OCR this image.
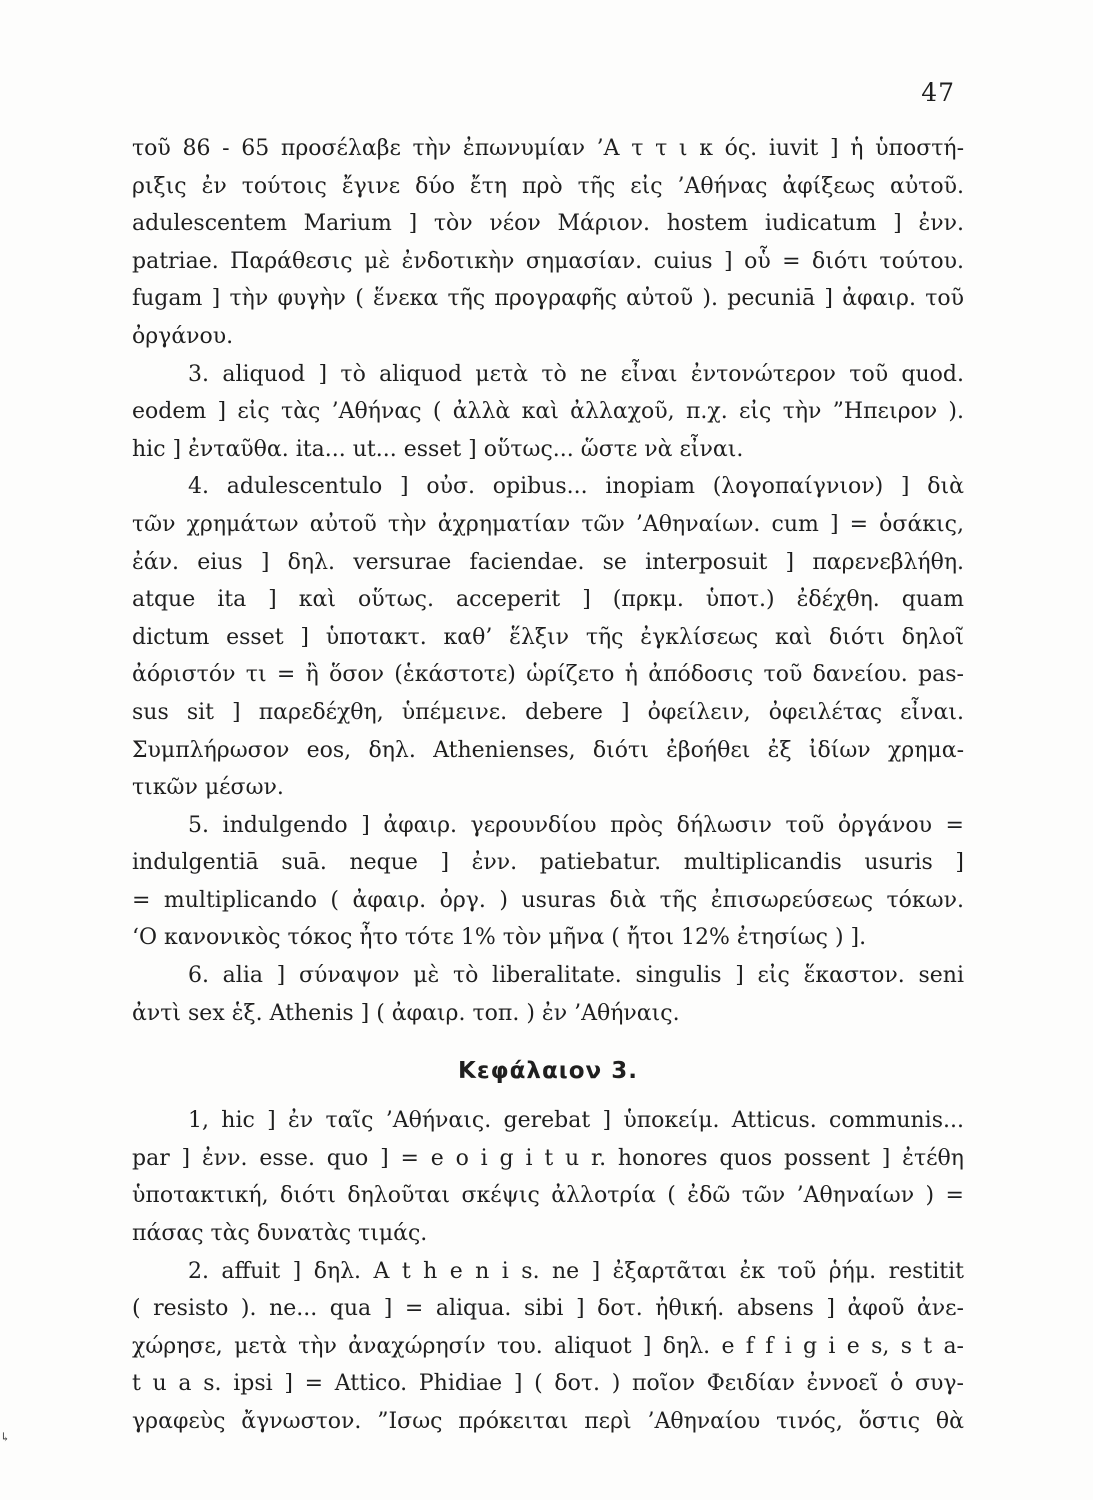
47
τοῦ 86 - 65 προσέλαβε τὴν ἐπωνυμίαν ’Α τ τ ι κ ός. iuvit ] ἡ ὑποστή-
ριξις ἐν τούτοις ἔγινε δύο ἔτη πρὸ τῆς εἰς ’Αθήνας ἀφίξεως αὐτοῦ.
adulescentem Marium ] τὸν νέον Μάριον. hostem iudicatum ] ἐνν.
patriae. Παράθεσις μὲ ἐνδοτικὴν σημασίαν. cuius ] οὗ = διότι τούτου.
fugam ] τὴν φυγὴν ( ἕνεκα τῆς προγραφῆς αὐτοῦ ). pecuniā ] ἀφαιρ. τοῦ
ὀργάνου.
3. aliquod ] τὸ aliquod μετὰ τὸ ne εἶναι ἐντονώτερον τοῦ quod.
eodem ] εἰς τὰς ’Αθήνας ( ἀλλὰ καὶ ἀλλαχοῦ, π.χ. εἰς τὴν ”Ηπειρον ).
hic ] ἐνταῦθα. ita... ut... esset ] οὕτως... ὥστε νὰ εἶναι.
4. adulescentulo ] οὐσ. opibus... inopiam (λογοπαίγνιον) ] διὰ
τῶν χρημάτων αὐτοῦ τὴν ἀχρηματίαν τῶν ’Αθηναίων. cum ] = ὁσάκις,
ἐάν. eius ] δηλ. versurae faciendae. se interposuit ] παρενεβλήθη.
atque ita ] καὶ οὕτως. acceperit ] (πρκμ. ὑποτ.) ἐδέχθη. quam
dictum esset ] ὑποτακτ. καθ’ ἕλξιν τῆς ἐγκλίσεως καὶ διότι δηλοῖ
ἀόριστόν τι = ἢ ὅσον (ἑκάστοτε) ὡρίζετο ἡ ἀπόδοσις τοῦ δανείου. pas-
sus sit ] παρεδέχθη, ὑπέμεινε. debere ] ὀφείλειν, ὀφειλέτας εἶναι.
Συμπλήρωσον eos, δηλ. Athenienses, διότι ἐβοήθει ἐξ ἰδίων χρημα-
τικῶν μέσων.
5. indulgendo ] ἀφαιρ. γερουνδίου πρὸς δήλωσιν τοῦ ὀργάνου =
indulgentiā suā. neque ] ἐνν. patiebatur. multiplicandis usuris ]
= multiplicando ( ἀφαιρ. ὀργ. ) usuras διὰ τῆς ἐπισωρεύσεως τόκων.
‘Ο κανονικὸς τόκος ἦτο τότε 1% τὸν μῆνα ( ἤτοι 12% ἐτησίως ) ].
6. alia ] σύναψον μὲ τὸ liberalitate. singulis ] εἰς ἕκαστον. seni
ἀντὶ sex ἑξ. Athenis ] ( ἀφαιρ. τοπ. ) ἐν ’Αθήναις.
Κεφάλαιον 3.
1, hic ] ἐν ταῖς ’Αθήναις. gerebat ] ὑποκείμ. Atticus. communis...
par ] ἐνν. esse. quo ] = e o i g i t u r. honores quos possent ] ἐτέθη
ὑποτακτική, διότι δηλοῦται σκέψις ἀλλοτρία ( ἐδῶ τῶν ’Αθηναίων ) =
πάσας τὰς δυνατὰς τιμάς.
2. affuit ] δηλ. A t h e n i s. ne ] ἐξαρτᾶται ἐκ τοῦ ῥήμ. restitit
( resisto ). ne... qua ] = aliqua. sibi ] δοτ. ἠθική. absens ] ἀφοῦ ἀνε-
χώρησε, μετὰ τὴν ἀναχώρησίν του. aliquot ] δηλ. e f f i g i e s, s t a-
t u a s. ipsi ] = Attico. Phidiae ] ( δοτ. ) ποῖον Φειδίαν ἐννοεῖ ὁ συγ-
γραφεὺς ἄγνωστον. ”Ισως πρόκειται περὶ ’Αθηναίου τινός, ὅστις θὰ
↳
